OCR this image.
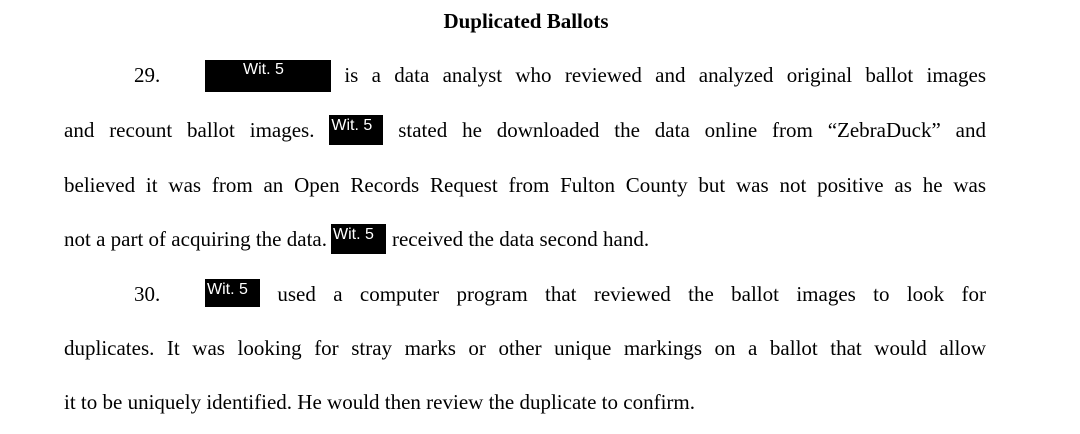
Duplicated Ballots
29.	Wit. 5	is a data analyst who reviewed and analyzed original ballot images
and recount ballot images. Wit. 5 stated he downloaded the data online from “ZebraDuck” and
believed it was from an Open Records Request from Fulton County but was not positive as he was
not a part of acquiring the data. Wit. 5 received the data second hand.
30.	Wit. 5 used a computer program that reviewed the ballot images to look for
duplicates. It was looking for stray marks or other unique markings on a ballot that would allow
it to be uniquely identified. He would then review the duplicate to confirm.
